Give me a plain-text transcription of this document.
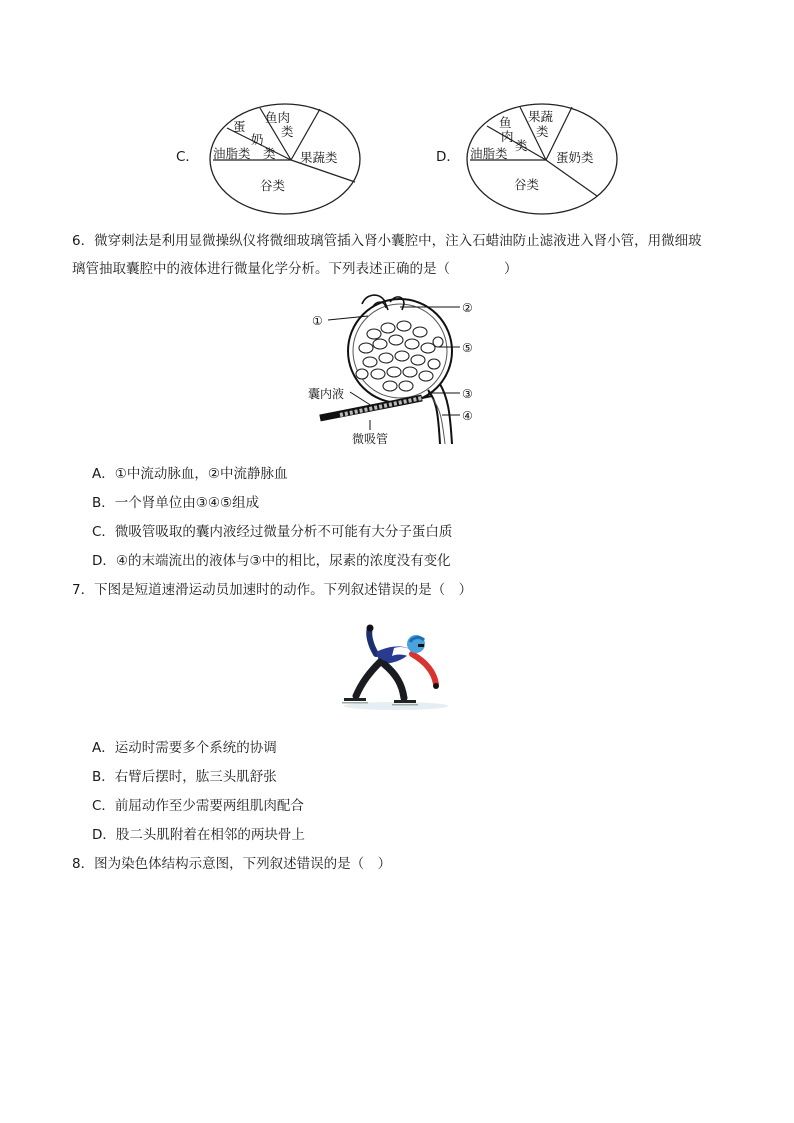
C． 油脂类
蛋
奶
类
鱼肉
类
果蔬类
谷类
D． 油脂类
鱼
肉
类
果蔬
类
蛋奶类
谷类
6．微穿刺法是利用显微操纵仪将微细玻璃管插入肾小囊腔中，注入石蜡油防止滤液进入肾小管，用微细玻
璃管抽取囊腔中的液体进行微量化学分析。下列表述正确的是（　　　　）
①
②
⑤
③
④
囊内液
微吸管
A．①中流动脉血，②中流静脉血
B．一个肾单位由③④⑤组成
C．微吸管吸取的囊内液经过微量分析不可能有大分子蛋白质
D．④的末端流出的液体与③中的相比，尿素的浓度没有变化
7．下图是短道速滑运动员加速时的动作。下列叙述错误的是（　）
A．运动时需要多个系统的协调
B．右臂后摆时，肱三头肌舒张
C．前屈动作至少需要两组肌肉配合
D．股二头肌附着在相邻的两块骨上
8．图为染色体结构示意图，下列叙述错误的是（　）
